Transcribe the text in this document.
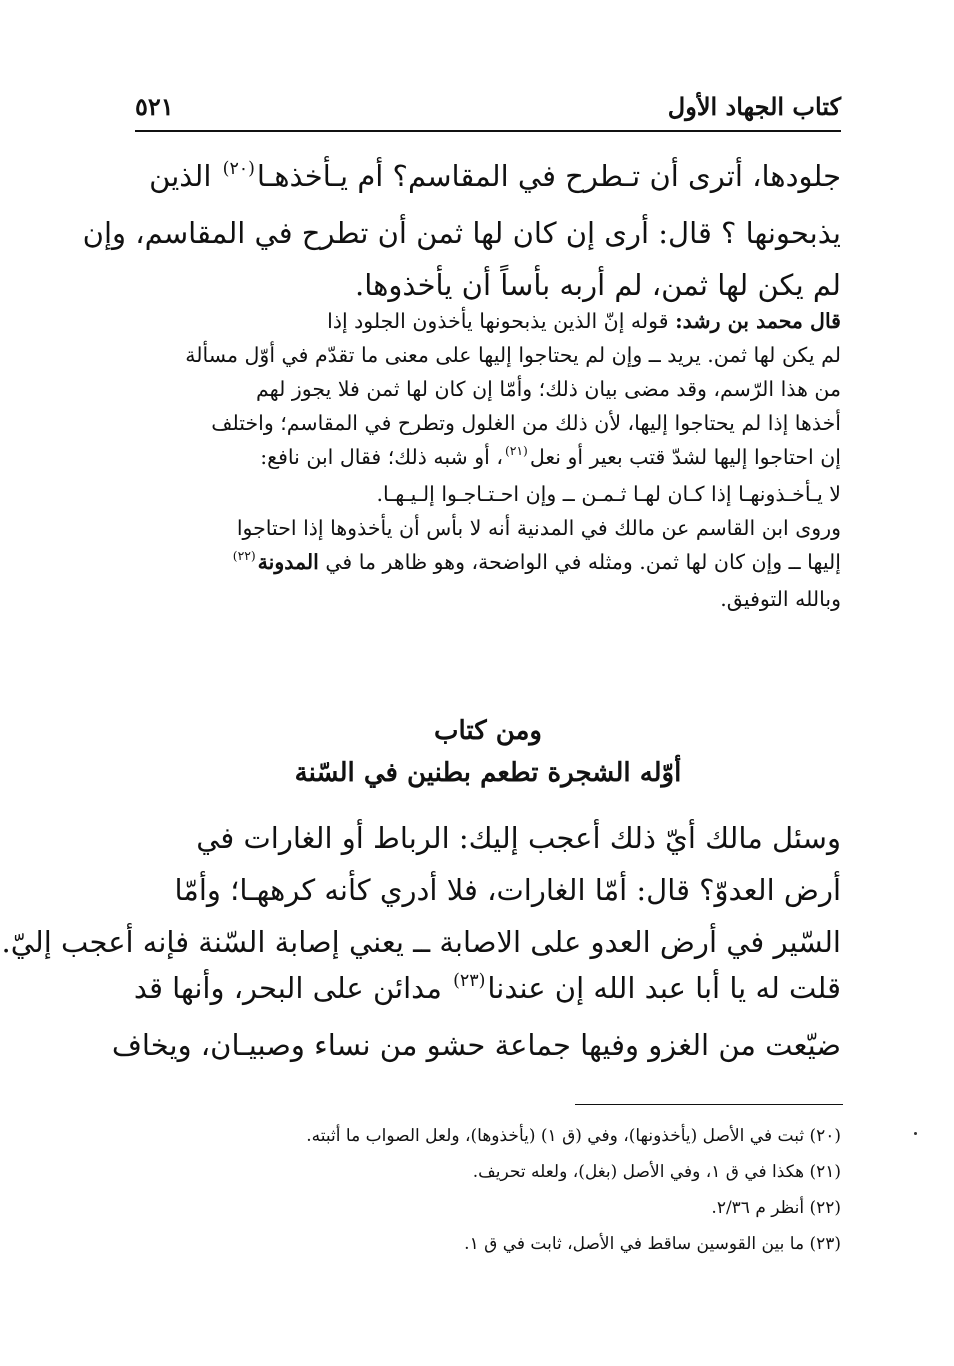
كتاب الجهاد الأول
٥٢١
جلودها، أترى أن تـطرح في المقاسم؟ أم يـأخذهـا$^{(٢٠)}$ الذين
يذبحونها ؟ قال: أرى إن كان لها ثمن أن تطرح في المقاسم، وإن
لم يكن لها ثمن، لم أربه بأساً أن يأخذوها.
قال محمد بن رشد: قوله إنّ الذين يذبحونها يأخذون الجلود إذا
لم يكن لها ثمن. يريد ــ وإن لم يحتاجوا إليها على معنى ما تقدّم في أوّل مسألة
من هذا الرّسم، وقد مضى بيان ذلك؛ وأمّا إن كان لها ثمن فلا يجوز لهم
أخذها إذا لم يحتاجوا إليها، لأن ذلك من الغلول وتطرح في المقاسم؛ واختلف
إن احتاجوا إليها لشدّ قتب بعير أو نعل$^{(٢١)}$، أو شبه ذلك؛ فقال ابن نافع:
لا يـأخـذونهـا إذا كـان لهـا ثـمـن ــ وإن احـتـاجـوا إلـيـهـا.
وروى ابن القاسم عن مالك في المدنية أنه لا بأس أن يأخذوها إذا احتاجوا
إليها ــ وإن كان لها ثمن. ومثله في الواضحة، وهو ظاهر ما في المدونة$^{(٢٢)}$
وبالله التوفيق.
ومن كتاب
أوّله الشجرة تطعم بطنين في السّنة
وسئل مالك أيّ ذلك أعجب إليك: الرباط أو الغارات في
أرض العدوّ؟ قال: أمّا الغارات، فلا أدري كأنه كرههـا؛ وأمّا
السّير في أرض العدو على الاصابة ــ يعني إصابة السّنة فإنه أعجب إليّ.
قلت له يا أبا عبد الله إن عندنا$^{(٢٣)}$ مدائن على البحر، وأنها قد
ضيّعت من الغزو وفيها جماعة حشو من نساء وصبيـان، ويخاف
(٢٠) ثبت في الأصل (يأخذونها)، وفي (ق ١) (يأخذوها)، ولعل الصواب ما أثبته.
(٢١) هكذا في ق ١، وفي الأصل (بغل)، ولعله تحريف.
(٢٢) أنظر م ٢/٣٦.
(٢٣) ما بين القوسين ساقط في الأصل، ثابت في ق ١.
